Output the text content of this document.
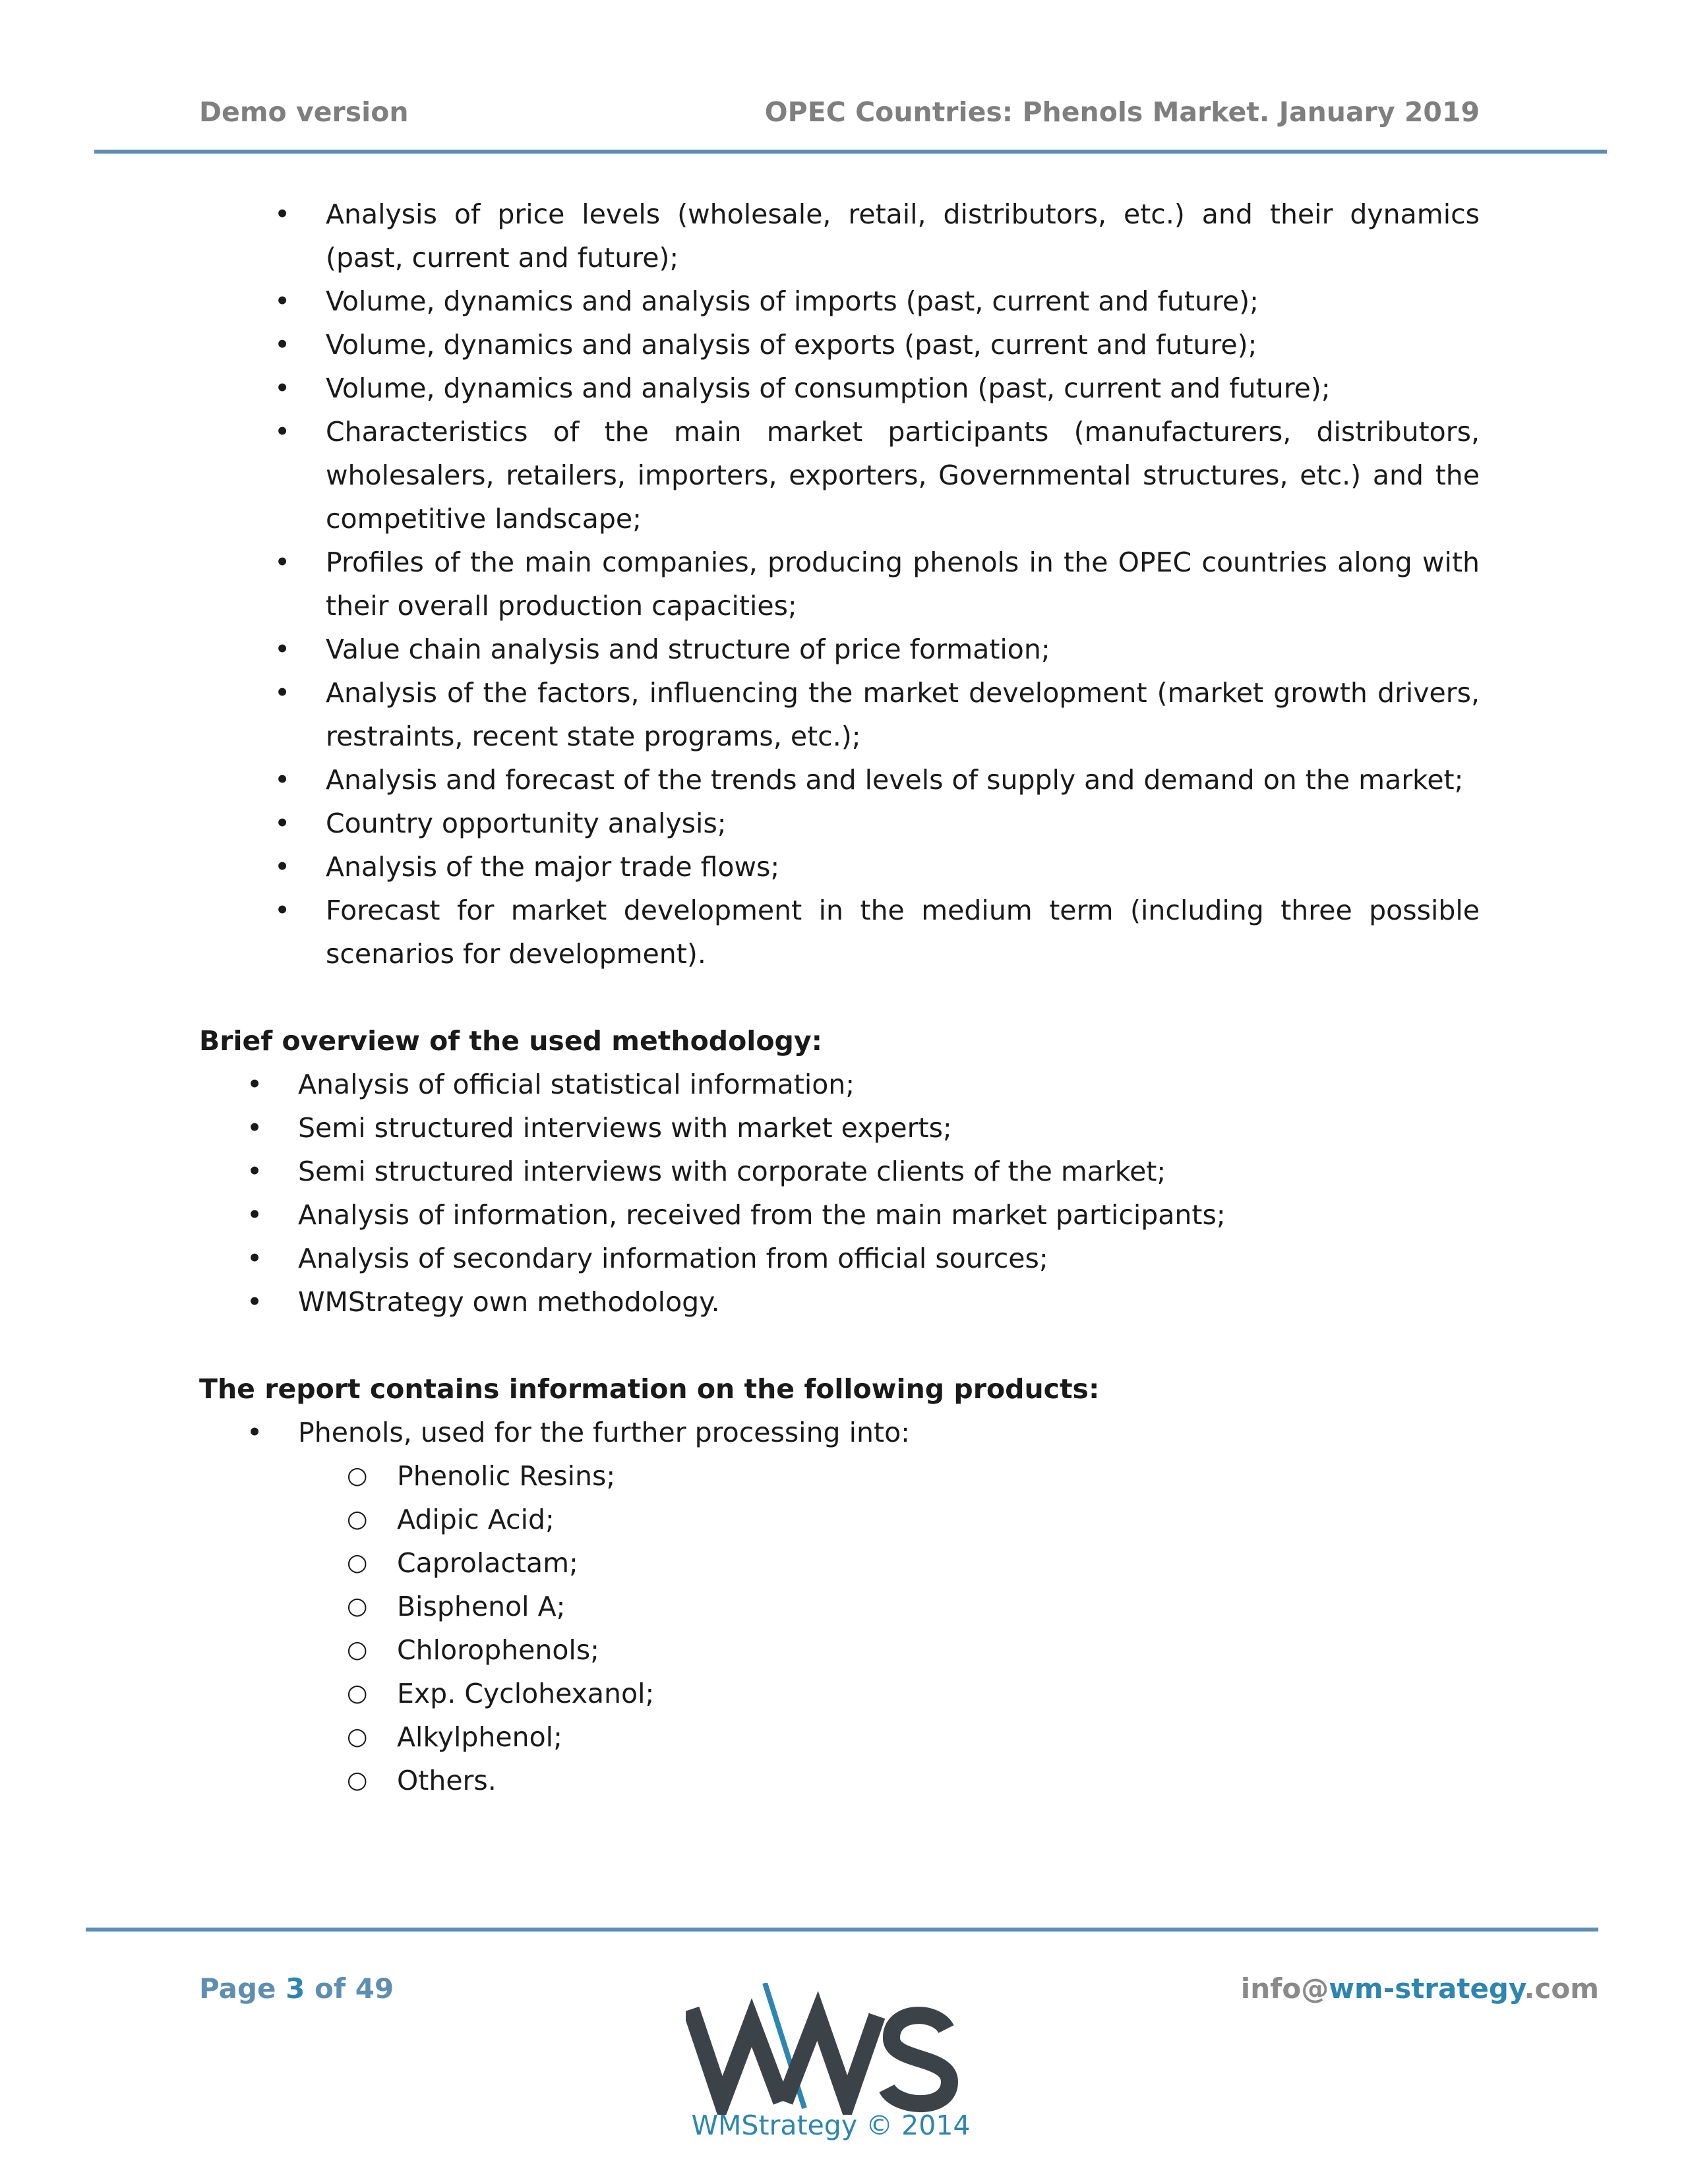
Demo version	OPEC Countries: Phenols Market. January 2019
• Analysis of price levels (wholesale, retail, distributors, etc.) and their dynamics (past, current and future);
• Volume, dynamics and analysis of imports (past, current and future);
• Volume, dynamics and analysis of exports (past, current and future);
• Volume, dynamics and analysis of consumption (past, current and future);
• Characteristics of the main market participants (manufacturers, distributors, wholesalers, retailers, importers, exporters, Governmental structures, etc.) and the competitive landscape;
• Profiles of the main companies, producing phenols in the OPEC countries along with their overall production capacities;
• Value chain analysis and structure of price formation;
• Analysis of the factors, influencing the market development (market growth drivers, restraints, recent state programs, etc.);
• Analysis and forecast of the trends and levels of supply and demand on the market;
• Country opportunity analysis;
• Analysis of the major trade flows;
• Forecast for market development in the medium term (including three possible scenarios for development).
Brief overview of the used methodology:
• Analysis of official statistical information;
• Semi structured interviews with market experts;
• Semi structured interviews with corporate clients of the market;
• Analysis of information, received from the main market participants;
• Analysis of secondary information from official sources;
• WMStrategy own methodology.
The report contains information on the following products:
• Phenols, used for the further processing into:
○ Phenolic Resins;
○ Adipic Acid;
○ Caprolactam;
○ Bisphenol A;
○ Chlorophenols;
○ Exp. Cyclohexanol;
○ Alkylphenol;
○ Others.
Page 3 of 49	info@wm-strategy.com
WMStrategy © 2014
